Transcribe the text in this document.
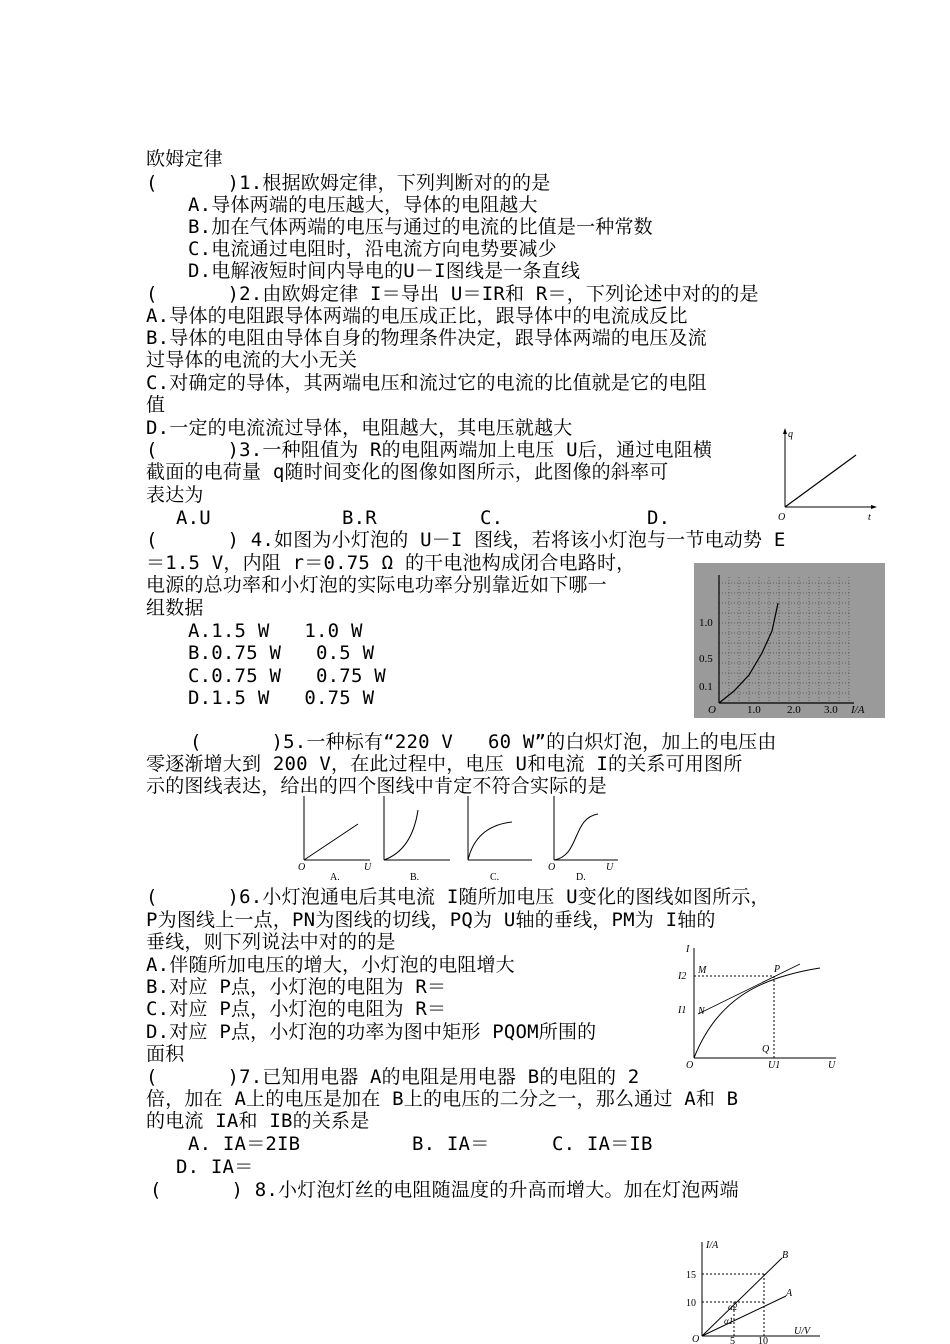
欧姆定律
(      )1.根据欧姆定律，下列判断对的的是
A.导体两端的电压越大，导体的电阻越大
B.加在气体两端的电压与通过的电流的比值是一种常数
C.电流通过电阻时，沿电流方向电势要减少
D.电解液短时间内导电的U－I图线是一条直线
(      )2.由欧姆定律 I＝导出 U＝IR和 R＝，下列论述中对的的是
A.导体的电阻跟导体两端的电压成正比，跟导体中的电流成反比
B.导体的电阻由导体自身的物理条件决定，跟导体两端的电压及流
过导体的电流的大小无关
C.对确定的导体，其两端电压和流过它的电流的比值就是它的电阻
值
D.一定的电流流过导体，电阻越大，其电压就越大
(      )3.一种阻值为 R的电阻两端加上电压 U后，通过电阻横
截面的电荷量 q随时间变化的图像如图所示，此图像的斜率可
表达为
A.U	B.R	C.	D.
(      ) 4.如图为小灯泡的 U－I 图线，若将该小灯泡与一节电动势 E
＝1.5 V，内阻 r＝0.75 Ω 的干电池构成闭合电路时，
电源的总功率和小灯泡的实际电功率分别靠近如下哪一
组数据
A.1.5 W   1.0 W
B.0.75 W   0.5 W
C.0.75 W   0.75 W
D.1.5 W   0.75 W
(      )5.一种标有“220 V   60 W”的白炽灯泡，加上的电压由
零逐渐增大到 200 V，在此过程中，电压 U和电流 I的关系可用图所
示的图线表达，给出的四个图线中肯定不符合实际的是
(      )6.小灯泡通电后其电流 I随所加电压 U变化的图线如图所示，
P为图线上一点，PN为图线的切线，PQ为 U轴的垂线，PM为 I轴的
垂线，则下列说法中对的的是
A.伴随所加电压的增大，小灯泡的电阻增大
B.对应 P点，小灯泡的电阻为 R＝
C.对应 P点，小灯泡的电阻为 R＝
D.对应 P点，小灯泡的功率为图中矩形 PQOM所围的
面积
(      )7.已知用电器 A的电阻是用电器 B的电阻的 2
倍，加在 A上的电压是加在 B上的电压的二分之一，那么通过 A和 B
的电流 IA和 IB的关系是
A. IA＝2IB	B. IA＝	C. IA＝IB
D. IA＝
(      ) 8.小灯泡灯丝的电阻随温度的升高而增大。加在灯泡两端
q
O	t
1.0
0.5
0.1
O	1.0 2.0 3.0 I/A
O	U
A.	B.	C.
O	U
D.
I
I2
M	P
I1 N
Q
O	U1	U
I/A
B
A
15
10	α2
α1
O	5 10
U/V
